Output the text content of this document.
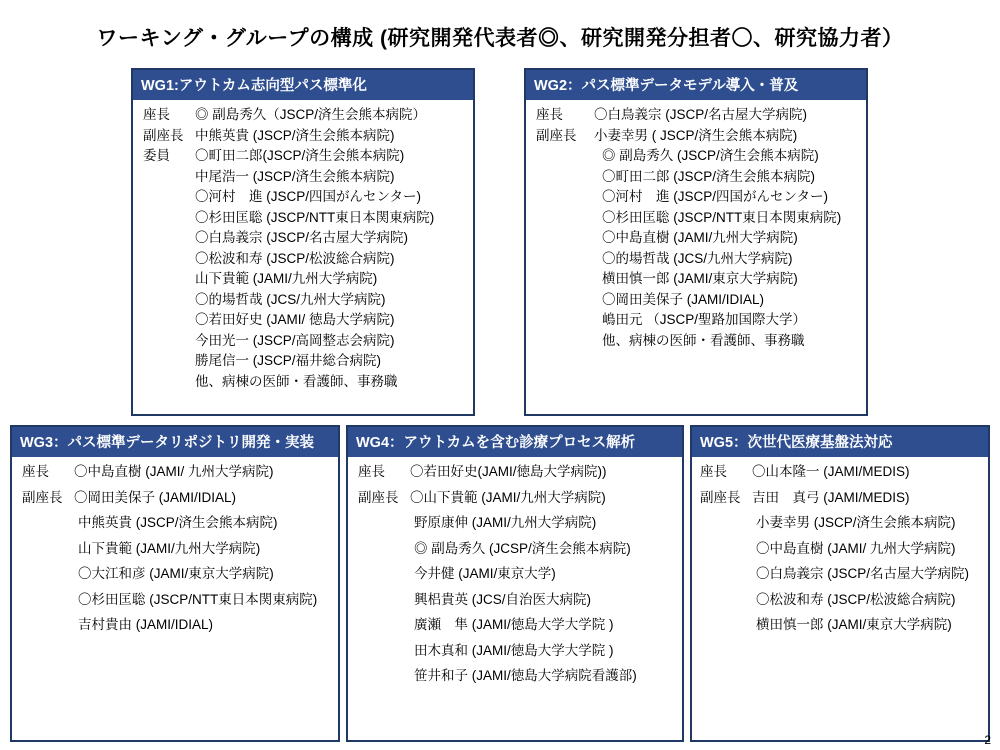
ワーキング・グループの構成 (研究開発代表者◎、研究開発分担者〇、研究協力者）
WG1:アウトカム志向型パス標準化
座長	◎ 副島秀久（JSCP/済生会熊本病院）
副座長 中熊英貴 (JSCP/済生会熊本病院)
委員	〇町田二郎(JSCP/済生会熊本病院)
中尾浩一 (JSCP/済生会熊本病院)
〇河村　進 (JSCP/四国がんセンター)
〇杉田匡聡 (JSCP/NTT東日本関東病院)
〇白鳥義宗 (JSCP/名古屋大学病院)
〇松波和寿 (JSCP/松波総合病院)
山下貴範 (JAMI/九州大学病院)
〇的場哲哉 (JCS/九州大学病院)
〇若田好史 (JAMI/ 徳島大学病院)
今田光一 (JSCP/高岡整志会病院)
勝尾信一 (JSCP/福井総合病院)
他、病棟の医師・看護師、事務職
WG2：パス標準データモデル導入・普及
座長	〇白鳥義宗 (JSCP/名古屋大学病院)
副座長	小妻幸男 ( JSCP/済生会熊本病院)
◎ 副島秀久 (JSCP/済生会熊本病院)
〇町田二郎 (JSCP/済生会熊本病院)
〇河村　進 (JSCP/四国がんセンター)
〇杉田匡聡 (JSCP/NTT東日本関東病院)
〇中島直樹 (JAMI/九州大学病院)
〇的場哲哉 (JCS/九州大学病院)
横田慎一郎 (JAMI/東京大学病院)
〇岡田美保子 (JAMI/IDIAL)
嶋田元 （JSCP/聖路加国際大学）
他、病棟の医師・看護師、事務職
WG3：パス標準データリポジトリ開発・実装
座長	〇中島直樹 (JAMI/ 九州大学病院)
副座長 〇岡田美保子 (JAMI/IDIAL)
中熊英貴 (JSCP/済生会熊本病院)
山下貴範 (JAMI/九州大学病院)
〇大江和彦 (JAMI/東京大学病院)
〇杉田匡聡 (JSCP/NTT東日本関東病院)
吉村貴由 (JAMI/IDIAL)
WG4：アウトカムを含む診療プロセス解析
座長	〇若田好史(JAMI/徳島大学病院))
副座長 〇山下貴範 (JAMI/九州大学病院)
野原康伸 (JAMI/九州大学病院)
◎ 副島秀久 (JCSP/済生会熊本病院)
今井健 (JAMI/東京大学)
興梠貴英 (JCS/自治医大病院)
廣瀬　隼 (JAMI/徳島大学大学院 )
田木真和 (JAMI/徳島大学大学院 )
笹井和子 (JAMI/徳島大学病院看護部)
WG5：次世代医療基盤法対応
座長	〇山本隆一 (JAMI/MEDIS)
副座長 吉田　真弓 (JAMI/MEDIS)
小妻幸男 (JSCP/済生会熊本病院)
〇中島直樹 (JAMI/ 九州大学病院)
〇白鳥義宗 (JSCP/名古屋大学病院)
〇松波和寿 (JSCP/松波総合病院)
横田慎一郎 (JAMI/東京大学病院)
2
